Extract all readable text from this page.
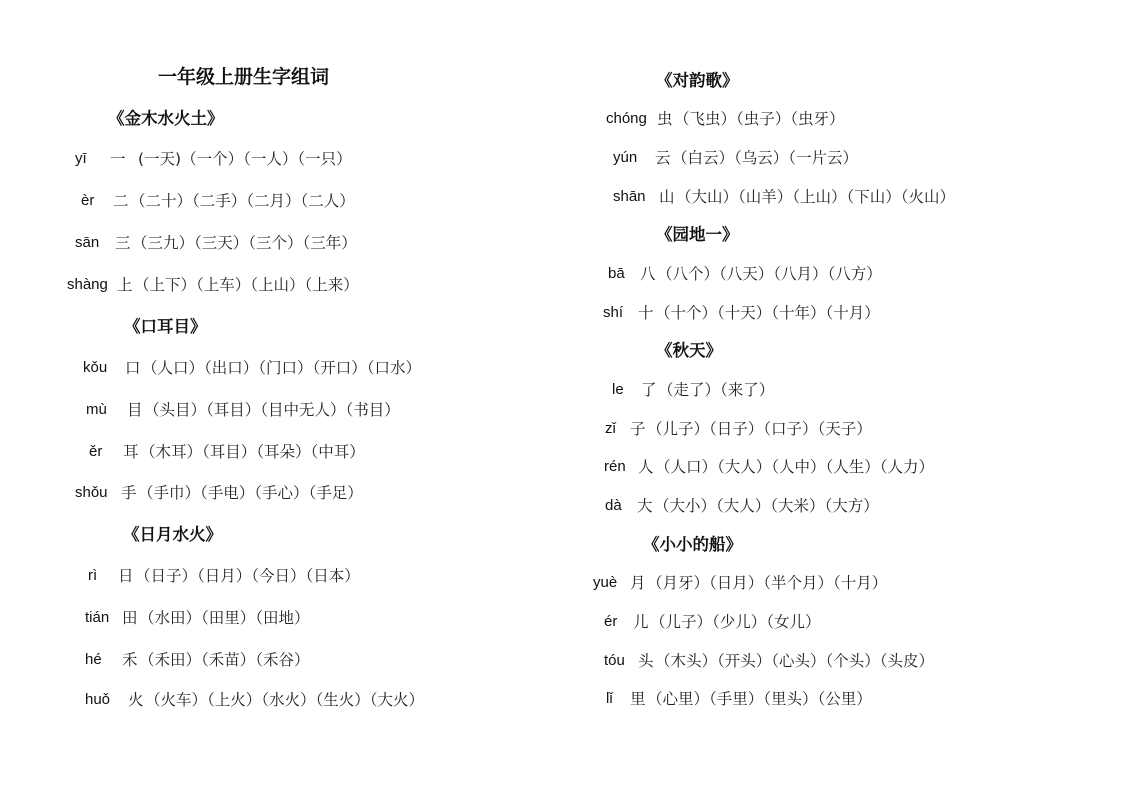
一年级上册生字组词
《金木水火土》
yī 一 (一天)（一个）（一人）（一只）
èr 二 （二十）（二手）（二月）（二人）
sān 三 （三九）（三天）（三个）（三年）
shàng 上 （上下）（上车）（上山）（上来）
《口耳目》
kǒu 口 （人口）（出口）（门口）（开口）（口水）
mù 目 （头目）（耳目）（目中无人）（书目）
ěr 耳 （木耳）（耳目）（耳朵）（中耳）
shǒu 手 （手巾）（手电）（手心）（手足）
《日月水火》
rì 日 （日子）（日月）（今日）（日本）
tián 田 （水田）（田里）（田地）
hé 禾 （禾田）（禾苗）（禾谷）
huǒ 火 （火车）（上火）（水火）（生火）（大火）
《对韵歌》
chóng 虫 （飞虫）（虫子）（虫牙）
yún 云 （白云）（乌云）（一片云）
shān 山 （大山）（山羊）（上山）（下山）（火山）
《园地一》
bā 八 （八个）（八天）（八月）（八方）
shí 十 （十个）（十天）（十年）（十月）
《秋天》
le 了 （走了）（来了）
zǐ 子 （儿子）（日子）（口子）（天子）
rén 人 （人口）（大人）（人中）（人生）（人力）
dà 大 （大小）（大人）（大米）（大方）
《小小的船》
yuè 月 （月牙）（日月）（半个月）（十月）
ér 儿 （儿子）（少儿）（女儿）
tóu 头 （木头）（开头）（心头）（个头）（头皮）
lǐ 里 （心里）（手里）（里头）（公里）
